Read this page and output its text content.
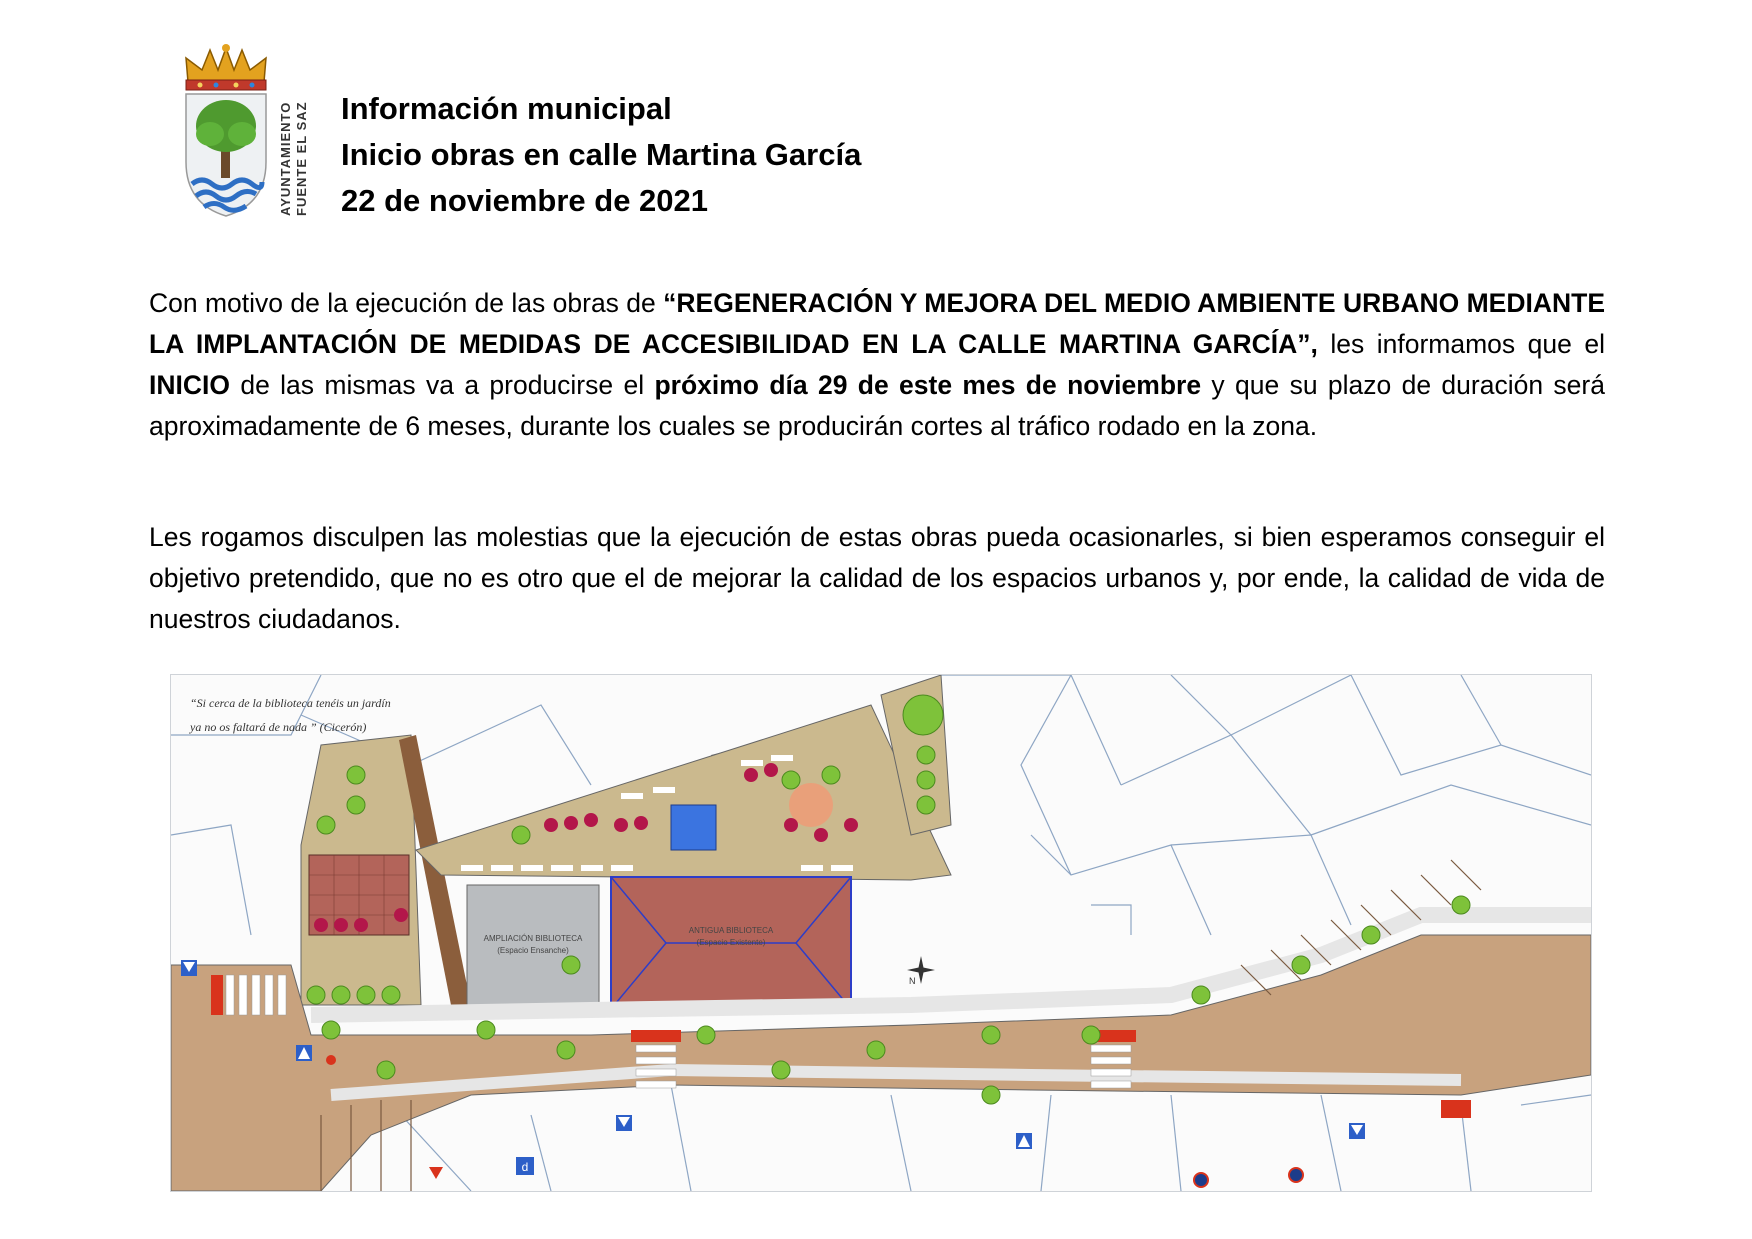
AYUNTAMIENTO FUENTE EL SAZ Información municipal
Inicio obras en calle Martina García
22 de noviembre de 2021

Con motivo de la ejecución de las obras de “REGENERACIÓN Y MEJORA DEL MEDIO AMBIENTE URBANO MEDIANTE LA IMPLANTACIÓN DE MEDIDAS DE ACCESIBILIDAD EN LA CALLE MARTINA GARCÍA”, les informamos que el INICIO de las mismas va a producirse el próximo día 29 de este mes de noviembre y que su plazo de duración será aproximadamente de 6 meses, durante los cuales se producirán cortes al tráfico rodado en la zona.

Les rogamos disculpen las molestias que la ejecución de estas obras pueda ocasionarles, si bien esperamos conseguir el objetivo pretendido, que no es otro que el de mejorar la calidad de los espacios urbanos y, por ende, la calidad de vida de nuestros ciudadanos.

AMPLIACIÓN BIBLIOTECA
(Espacio Ensanche)
ANTIGUA BIBLIOTECA
(Espacio Existente)
d
N
“Si cerca de la biblioteca tenéis un jardín
ya no os faltará de nada ” (Cicerón)
